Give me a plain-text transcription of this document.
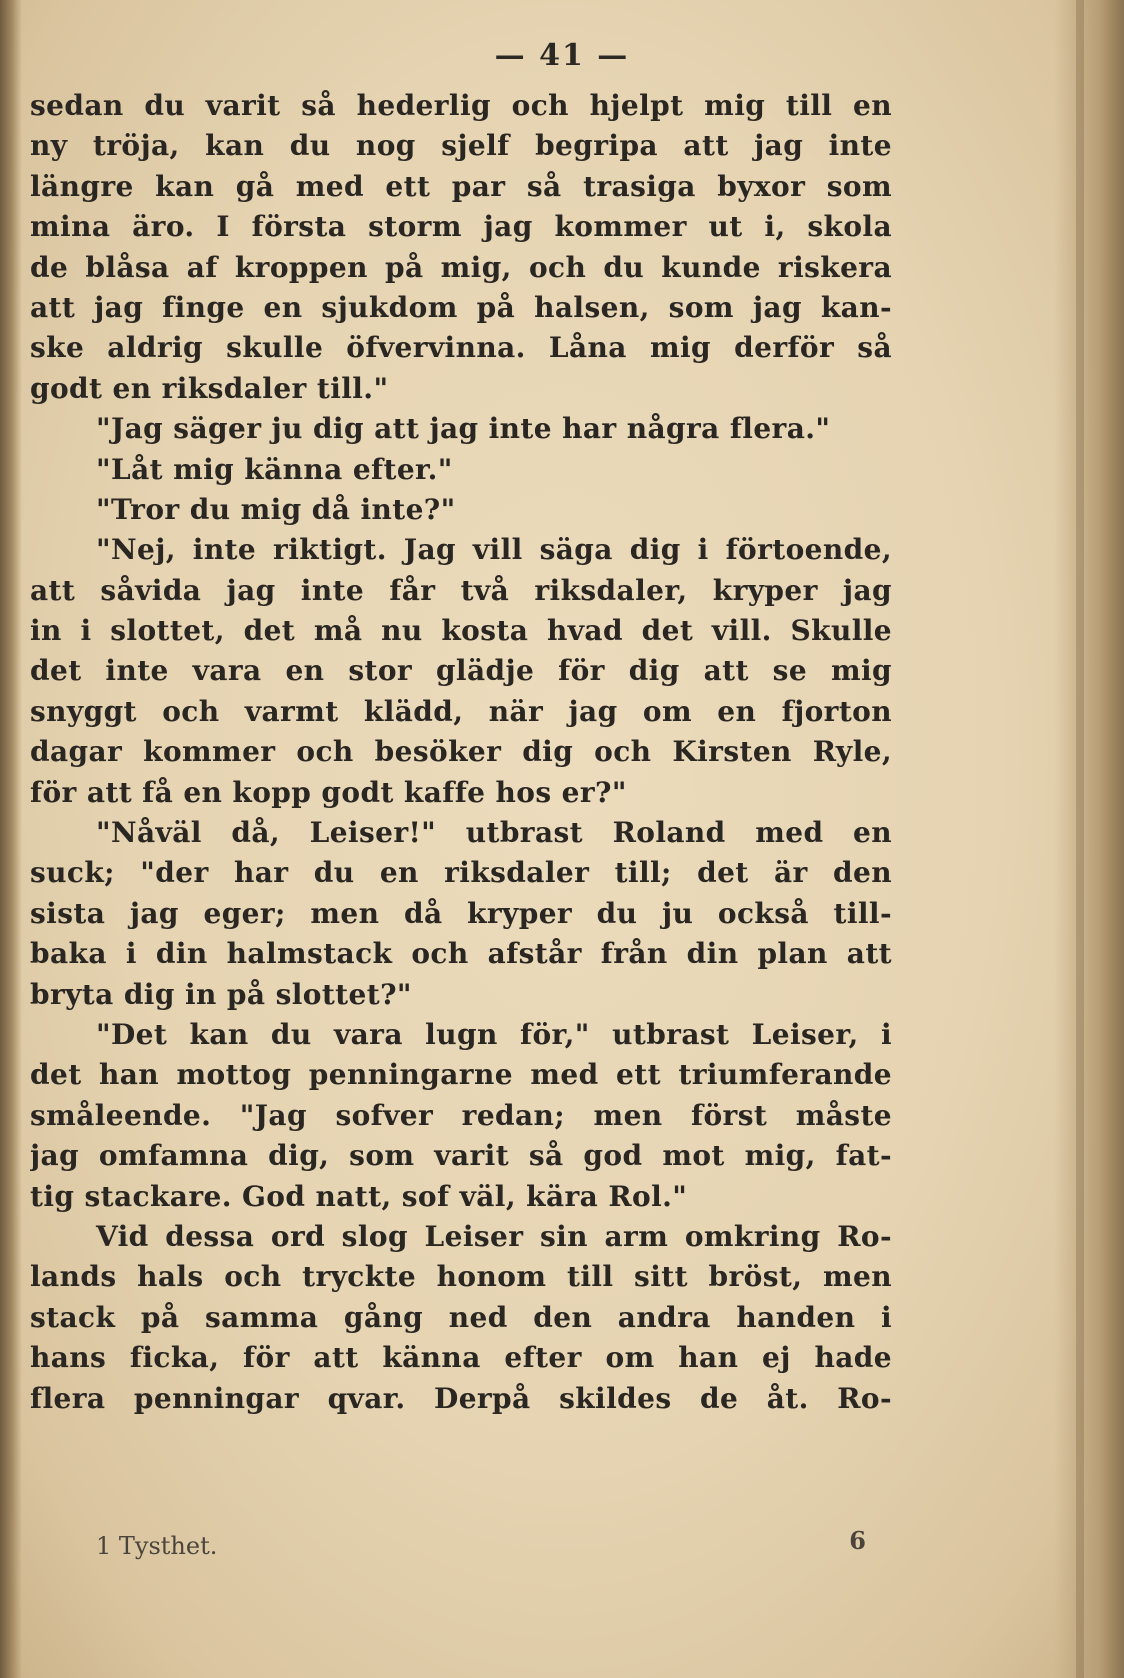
— 41 —
sedan du varit så hederlig och hjelpt mig till en
ny tröja, kan du nog sjelf begripa att jag inte
längre kan gå med ett par så trasiga byxor som
mina äro. I första storm jag kommer ut i, skola
de blåsa af kroppen på mig, och du kunde riskera
att jag finge en sjukdom på halsen, som jag kan-
ske aldrig skulle öfvervinna. Låna mig derför så
godt en riksdaler till."
"Jag säger ju dig att jag inte har några flera."
"Låt mig känna efter."
"Tror du mig då inte?"
"Nej, inte riktigt. Jag vill säga dig i förtoende,
att såvida jag inte får två riksdaler, kryper jag
in i slottet, det må nu kosta hvad det vill. Skulle
det inte vara en stor glädje för dig att se mig
snyggt och varmt klädd, när jag om en fjorton
dagar kommer och besöker dig och Kirsten Ryle,
för att få en kopp godt kaffe hos er?"
"Nåväl då, Leiser!" utbrast Roland med en
suck; "der har du en riksdaler till; det är den
sista jag eger; men då kryper du ju också till-
baka i din halmstack och afstår från din plan att
bryta dig in på slottet?"
"Det kan du vara lugn för," utbrast Leiser, i
det han mottog penningarne med ett triumferande
småleende. "Jag sofver redan; men först måste
jag omfamna dig, som varit så god mot mig, fat-
tig stackare. God natt, sof väl, kära Rol."
Vid dessa ord slog Leiser sin arm omkring Ro-
lands hals och tryckte honom till sitt bröst, men
stack på samma gång ned den andra handen i
hans ficka, för att känna efter om han ej hade
flera penningar qvar. Derpå skildes de åt. Ro-
1 Tysthet.	6
